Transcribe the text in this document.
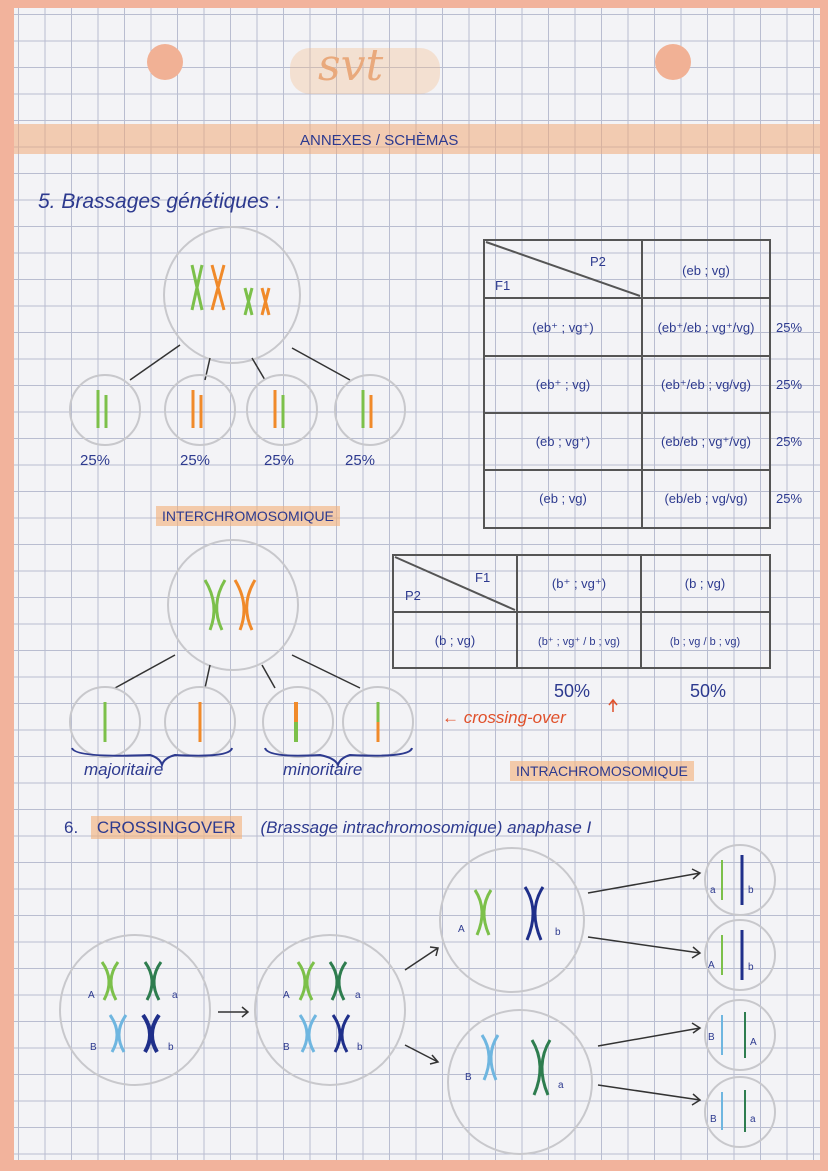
svt
ANNEXES / SCHÈMAS
5. Brassages génétiques :
F1
P2
(eb ; vg)
(eb⁺ ; vg⁺)	(eb⁺/eb ; vg⁺/vg) 25%
(eb⁺ ; vg)	(eb⁺/eb ; vg/vg) 25%
(eb ; vg⁺)	(eb/eb ; vg⁺/vg) 25%
(eb ; vg)	(eb/eb ; vg/vg) 25%
P2
F1	(b⁺ ; vg⁺)	(b ; vg)
(b ; vg)	(b⁺ ; vg⁺ / b ; vg)	(b ; vg / b ; vg)
50%	50%
A	a
B	b
A	a
B	b
A	b
B
a
a	b
A	b
B	A
B	a
25%	25%	25%	25%
INTERCHROMOSOMIQUE
majoritaire	minoritaire
← crossing-over
INTRACHROMOSOMIQUE
6. CROSSINGOVER (Brassage intrachromosomique) anaphase I
